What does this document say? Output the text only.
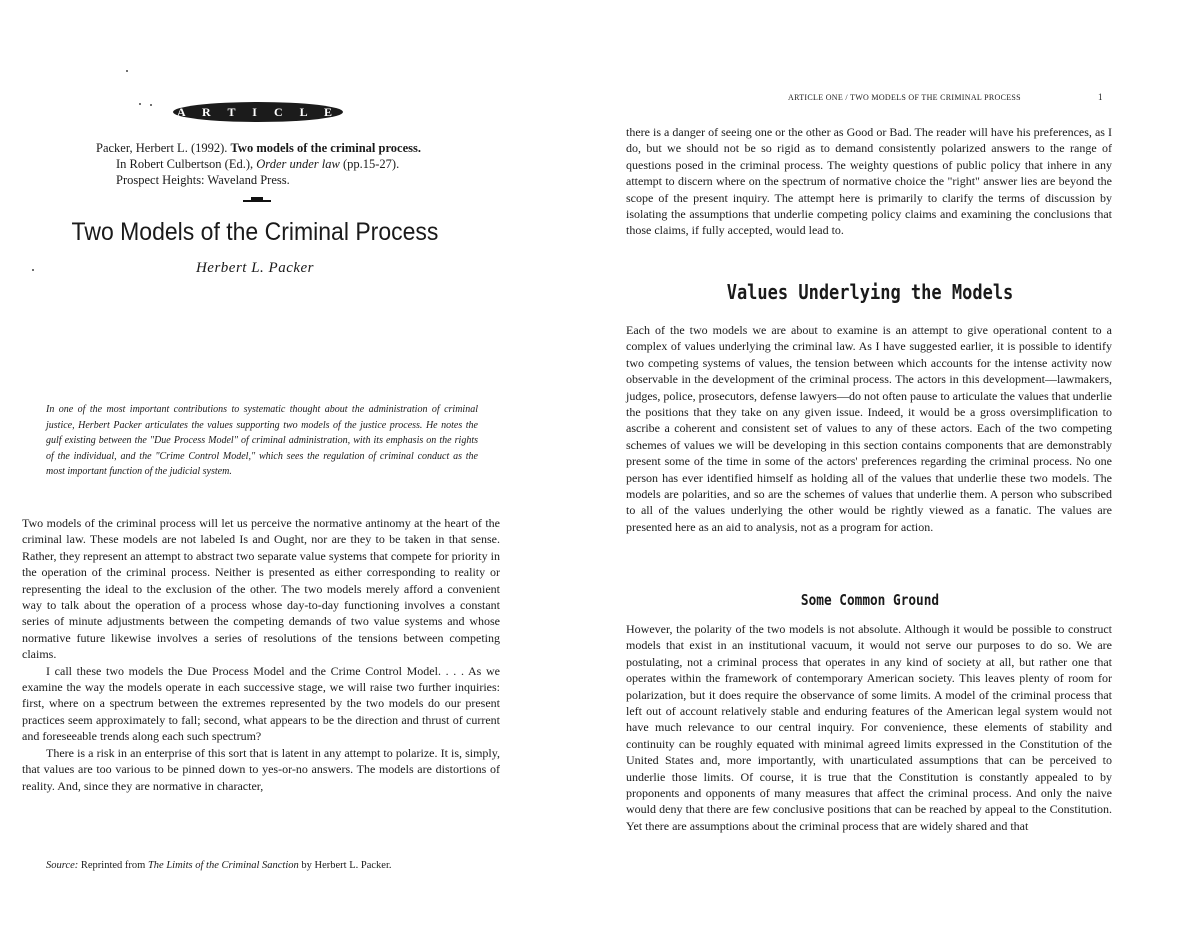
A R T I C L E
Packer, Herbert L. (1992). Two models of the criminal process.
In Robert Culbertson (Ed.), Order under law (pp.15-27).
Prospect Heights: Waveland Press.
Two Models of the Criminal Process
Herbert L. Packer
In one of the most important contributions to systematic thought about the administration of criminal justice, Herbert Packer articulates the values supporting two models of the justice process. He notes the gulf existing between the "Due Process Model" of criminal administration, with its emphasis on the rights of the individual, and the "Crime Control Model," which sees the regulation of criminal conduct as the most important function of the judicial system.

Two models of the criminal process will let us perceive the normative antinomy at the heart of the criminal law. These models are not labeled Is and Ought, nor are they to be taken in that sense. Rather, they represent an attempt to abstract two separate value systems that compete for priority in the operation of the criminal process. Neither is presented as either corresponding to reality or representing the ideal to the exclusion of the other. The two models merely afford a convenient way to talk about the operation of a process whose day-to-day functioning involves a constant series of minute adjustments between the competing demands of two value systems and whose normative future likewise involves a series of resolutions of the tensions between competing claims.

I call these two models the Due Process Model and the Crime Control Model. . . . As we examine the way the models operate in each successive stage, we will raise two further inquiries: first, where on a spectrum between the extremes represented by the two models do our present practices seem approximately to fall; second, what appears to be the direction and thrust of current and foreseeable trends along each such spectrum?

There is a risk in an enterprise of this sort that is latent in any attempt to polarize. It is, simply, that values are too various to be pinned down to yes-or-no answers. The models are distortions of reality. And, since they are normative in character,

Source: Reprinted from The Limits of the Criminal Sanction by Herbert L. Packer.
ARTICLE ONE / TWO MODELS OF THE CRIMINAL PROCESS	1

there is a danger of seeing one or the other as Good or Bad. The reader will have his preferences, as I do, but we should not be so rigid as to demand consistently polarized answers to the range of questions posed in the criminal process. The weighty questions of public policy that inhere in any attempt to discern where on the spectrum of normative choice the "right" answer lies are beyond the scope of the present inquiry. The attempt here is primarily to clarify the terms of discussion by isolating the assumptions that underlie competing policy claims and examining the conclusions that those claims, if fully accepted, would lead to.

Values Underlying the Models

Each of the two models we are about to examine is an attempt to give operational content to a complex of values underlying the criminal law. As I have suggested earlier, it is possible to identify two competing systems of values, the tension between which accounts for the intense activity now observable in the development of the criminal process. The actors in this development—lawmakers, judges, police, prosecutors, defense lawyers—do not often pause to articulate the values that underlie the positions that they take on any given issue. Indeed, it would be a gross oversimplification to ascribe a coherent and consistent set of values to any of these actors. Each of the two competing schemes of values we will be developing in this section contains components that are demonstrably present some of the time in some of the actors' preferences regarding the criminal process. No one person has ever identified himself as holding all of the values that underlie these two models. The models are polarities, and so are the schemes of values that underlie them. A person who subscribed to all of the values underlying the other would be rightly viewed as a fanatic. The values are presented here as an aid to analysis, not as a program for action.

Some Common Ground

However, the polarity of the two models is not absolute. Although it would be possible to construct models that exist in an institutional vacuum, it would not serve our purposes to do so. We are postulating, not a criminal process that operates in any kind of society at all, but rather one that operates within the framework of contemporary American society. This leaves plenty of room for polarization, but it does require the observance of some limits. A model of the criminal process that left out of account relatively stable and enduring features of the American legal system would not have much relevance to our central inquiry. For convenience, these elements of stability and continuity can be roughly equated with minimal agreed limits expressed in the Constitution of the United States and, more importantly, with unarticulated assumptions that can be perceived to underlie those limits. Of course, it is true that the Constitution is constantly appealed to by proponents and opponents of many measures that affect the criminal process. And only the naive would deny that there are few conclusive positions that can be reached by appeal to the Constitution. Yet there are assumptions about the criminal process that are widely shared and that
